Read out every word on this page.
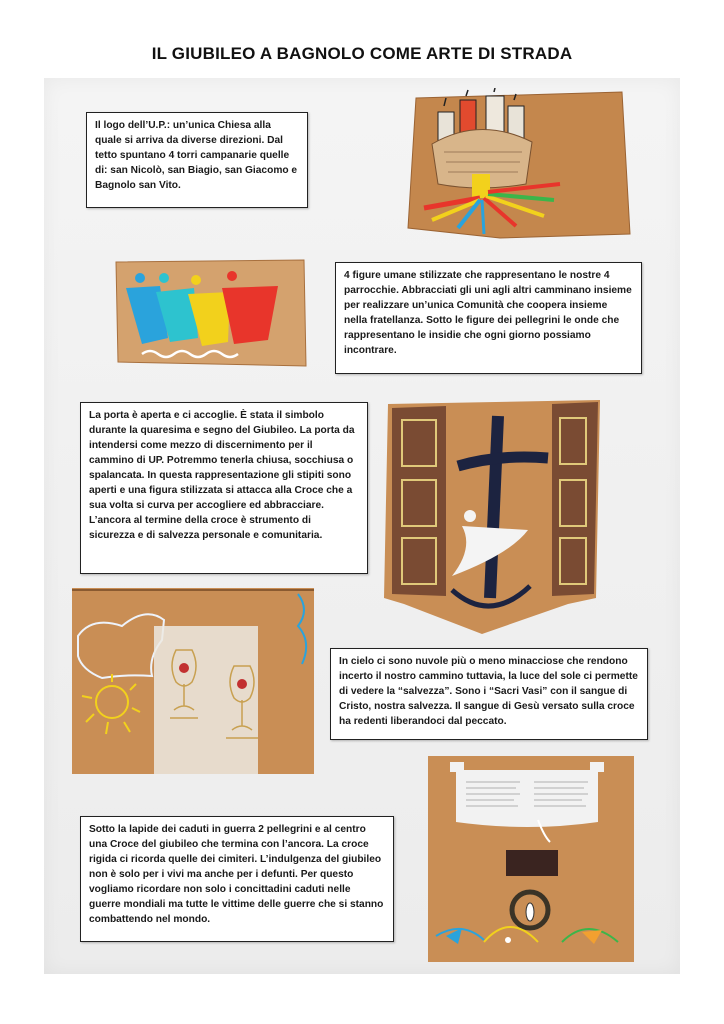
IL GIUBILEO A BAGNOLO COME ARTE DI STRADA
Il logo dell’U.P.: un’unica Chiesa alla quale si arriva da diverse direzioni. Dal tetto spuntano 4 torri campanarie quelle di: san Nicolò, san Biagio, san Giacomo e Bagnolo san Vito.
4 figure umane stilizzate che rappresentano le nostre 4 parrocchie. Abbracciati gli uni agli altri camminano insieme per realizzare un’unica Comunità che coopera insieme nella fratellanza. Sotto le figure dei pellegrini le onde che rappresentano le insidie che ogni giorno possiamo incontrare.
La porta è aperta e ci accoglie. È stata il simbolo durante la quaresima e segno del Giubileo. La porta da intendersi come mezzo di discernimento per il cammino di UP. Potremmo tenerla chiusa, socchiusa o spalancata. In questa rappresentazione gli stipiti sono aperti e una figura stilizzata si attacca alla Croce che a sua volta si curva per accogliere ed abbracciare. L’ancora al termine della croce è strumento di sicurezza e di salvezza personale e comunitaria.
In cielo ci sono nuvole più o meno minacciose che rendono incerto il nostro cammino tuttavia, la luce del sole ci permette di vedere la “salvezza”. Sono i “Sacri Vasi” con il sangue di Cristo, nostra salvezza. Il sangue di Gesù versato sulla croce ha redenti liberandoci dal peccato.
Sotto la lapide dei caduti in guerra 2 pellegrini e al centro una Croce del giubileo che termina con l’ancora. La croce rigida ci ricorda quelle dei cimiteri. L’indulgenza del giubileo non è solo per i vivi ma anche per i defunti. Per questo vogliamo ricordare non solo i concittadini caduti nelle guerre mondiali ma tutte le vittime delle guerre che si stanno combattendo nel mondo.
